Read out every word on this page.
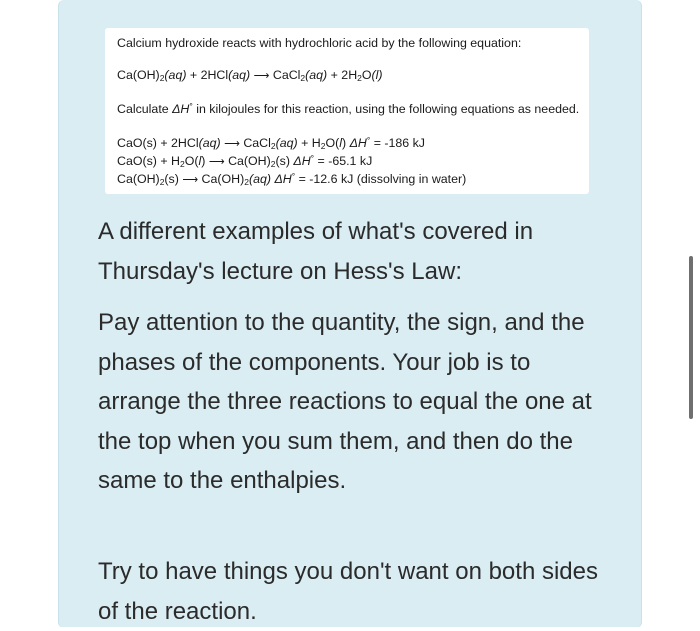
Calcium hydroxide reacts with hydrochloric acid by the following equation:
$Ca(OH)_2(aq) + 2HCl(aq)$ ⟶ CaCl$_2$(aq) + $2H_2O(l)$
Calculate ΔH° in kilojoules for this reaction, using the following equations as needed.
CaO(s) + 2HCl(aq) ⟶ CaCl$_2$(aq) + $H_2O(l) \Delta H^\circ = -186$ kJ
$CaO(s) + H_2O(l)$ ⟶ $Ca(OH)_2(s) \Delta H^\circ = -65.1$ kJ
$Ca(OH)_2(s)$ ⟶ $Ca(OH)_2(aq) \Delta H^\circ = -12.6$ kJ (dissolving in water)
A different examples of what's covered in Thursday's lecture on Hess's Law:
Pay attention to the quantity, the sign, and the phases of the components. Your job is to arrange the three reactions to equal the one at the top when you sum them, and then do the same to the enthalpies.
Try to have things you don't want on both sides of the reaction.
